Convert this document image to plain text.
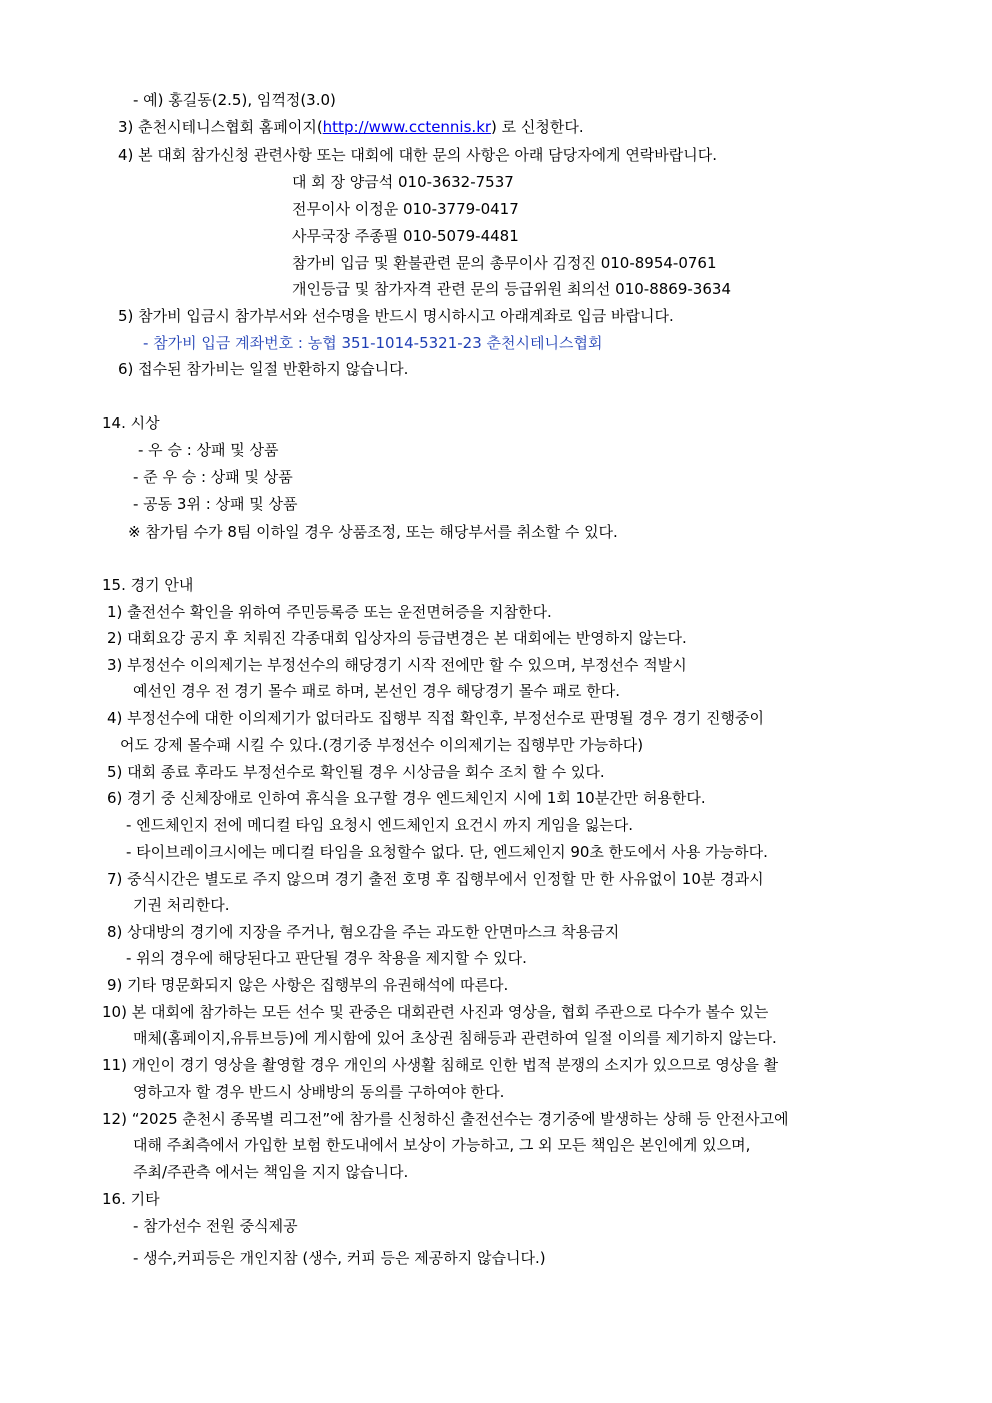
- 예) 홍길동(2.5), 임꺽정(3.0)
3) 춘천시테니스협회 홈페이지(http://www.cctennis.kr) 로 신청한다.
4) 본 대회 참가신청 관련사항 또는 대회에 대한 문의 사항은 아래 담당자에게 연락바랍니다.
대 회 장 양금석 010-3632-7537
전무이사 이정운 010-3779-0417
사무국장 주종필 010-5079-4481
참가비 입금 및 환불관련 문의 총무이사 김정진 010-8954-0761
개인등급 및 참가자격 관련 문의 등급위원 최의선 010-8869-3634
5) 참가비 입금시 참가부서와 선수명을 반드시 명시하시고 아래계좌로 입금 바랍니다.
- 참가비 입금 계좌번호 : 농협 351-1014-5321-23 춘천시테니스협회
6) 접수된 참가비는 일절 반환하지 않습니다.
14. 시상
- 우 승 : 상패 및 상품
- 준 우 승 : 상패 및 상품
- 공동 3위 : 상패 및 상품
※ 참가팀 수가 8팀 이하일 경우 상품조정, 또는 해당부서를 취소할 수 있다.
15. 경기 안내
1) 출전선수 확인을 위하여 주민등록증 또는 운전면허증을 지참한다.
2) 대회요강 공지 후 치뤄진 각종대회 입상자의 등급변경은 본 대회에는 반영하지 않는다.
3) 부정선수 이의제기는 부정선수의 해당경기 시작 전에만 할 수 있으며, 부정선수 적발시
예선인 경우 전 경기 몰수 패로 하며, 본선인 경우 해당경기 몰수 패로 한다.
4) 부정선수에 대한 이의제기가 없더라도 집행부 직접 확인후, 부정선수로 판명될 경우 경기 진행중이
어도 강제 몰수패 시킬 수 있다.(경기중 부정선수 이의제기는 집행부만 가능하다)
5) 대회 종료 후라도 부정선수로 확인될 경우 시상금을 회수 조치 할 수 있다.
6) 경기 중 신체장애로 인하여 휴식을 요구할 경우 엔드체인지 시에 1회 10분간만 허용한다.
- 엔드체인지 전에 메디컬 타임 요청시 엔드체인지 요건시 까지 게임을 잃는다.
- 타이브레이크시에는 메디컬 타임을 요청할수 없다. 단, 엔드체인지 90초 한도에서 사용 가능하다.
7) 중식시간은 별도로 주지 않으며 경기 출전 호명 후 집행부에서 인정할 만 한 사유없이 10분 경과시
기권 처리한다.
8) 상대방의 경기에 지장을 주거나, 혐오감을 주는 과도한 안면마스크 착용금지
- 위의 경우에 해당된다고 판단될 경우 착용을 제지할 수 있다.
9) 기타 명문화되지 않은 사항은 집행부의 유권해석에 따른다.
10) 본 대회에 참가하는 모든 선수 및 관중은 대회관련 사진과 영상을, 협회 주관으로 다수가 볼수 있는
매체(홈페이지,유튜브등)에 게시함에 있어 초상권 침해등과 관련하여 일절 이의를 제기하지 않는다.
11) 개인이 경기 영상을 촬영할 경우 개인의 사생활 침해로 인한 법적 분쟁의 소지가 있으므로 영상을 촬
영하고자 할 경우 반드시 상배방의 동의를 구하여야 한다.
12) “2025 춘천시 종목별 리그전”에 참가를 신청하신 출전선수는 경기중에 발생하는 상해 등 안전사고에
대해 주최측에서 가입한 보험 한도내에서 보상이 가능하고, 그 외 모든 책임은 본인에게 있으며,
주최/주관측 에서는 책임을 지지 않습니다.
16. 기타
- 참가선수 전원 중식제공
- 생수,커피등은 개인지참 (생수, 커피 등은 제공하지 않습니다.)
